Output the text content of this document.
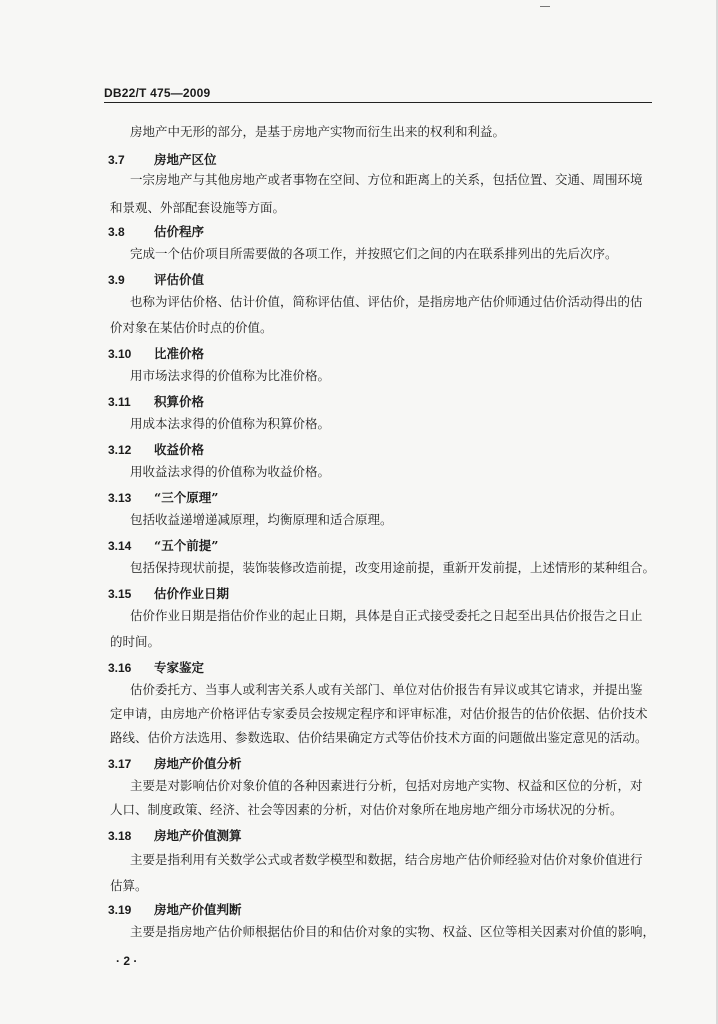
DB22/T 475—2009
房地产中无形的部分，是基于房地产实物而衍生出来的权利和利益。
3.7 房地产区位
一宗房地产与其他房地产或者事物在空间、方位和距离上的关系，包括位置、交通、周围环境
和景观、外部配套设施等方面。
3.8 估价程序
完成一个估价项目所需要做的各项工作，并按照它们之间的内在联系排列出的先后次序。
3.9 评估价值
也称为评估价格、估计价值，简称评估值、评估价，是指房地产估价师通过估价活动得出的估
价对象在某估价时点的价值。
3.10 比准价格
用市场法求得的价值称为比准价格。
3.11 积算价格
用成本法求得的价值称为积算价格。
3.12 收益价格
用收益法求得的价值称为收益价格。
3.13 “三个原理”
包括收益递增递减原理，均衡原理和适合原理。
3.14 “五个前提”
包括保持现状前提，装饰装修改造前提，改变用途前提，重新开发前提，上述情形的某种组合。
3.15 估价作业日期
估价作业日期是指估价作业的起止日期，具体是自正式接受委托之日起至出具估价报告之日止
的时间。
3.16 专家鉴定
估价委托方、当事人或利害关系人或有关部门、单位对估价报告有异议或其它请求，并提出鉴
定申请，由房地产价格评估专家委员会按规定程序和评审标准，对估价报告的估价依据、估价技术
路线、估价方法选用、参数选取、估价结果确定方式等估价技术方面的问题做出鉴定意见的活动。
3.17 房地产价值分析
主要是对影响估价对象价值的各种因素进行分析，包括对房地产实物、权益和区位的分析，对
人口、制度政策、经济、社会等因素的分析，对估价对象所在地房地产细分市场状况的分析。
3.18 房地产价值测算
主要是指利用有关数学公式或者数学模型和数据，结合房地产估价师经验对估价对象价值进行
估算。
3.19 房地产价值判断
主要是指房地产估价师根据估价目的和估价对象的实物、权益、区位等相关因素对价值的影响，
· 2 ·
